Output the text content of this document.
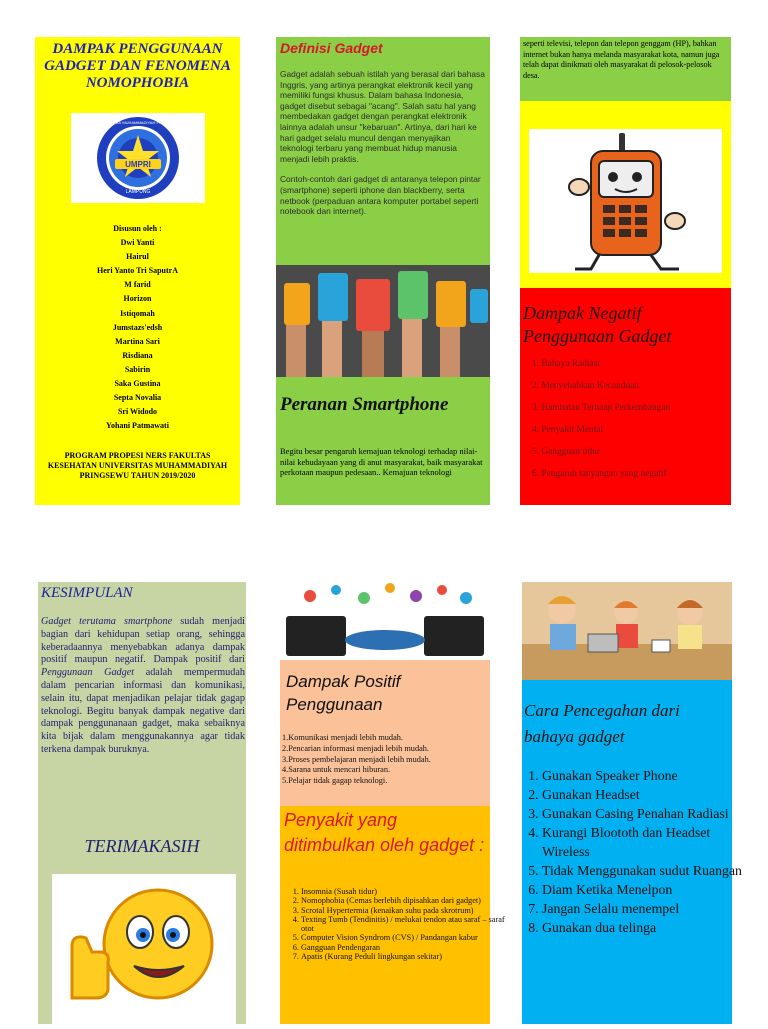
DAMPAK PENGGUNAAN GADGET DAN FENOMENA NOMOPHOBIA
UMPRI
LAMPUNG
UNIVERSITAS MUHAMMADIYAH PRINGSEWU
Disusun oleh :
Dwi Yanti
Hairul
Heri Yanto Tri SaputrA
M farid
Horizon
Istiqomah
Jumstazs'edsh
Martina Sari
Risdiana
Sabirin
Saka Gustina
Septa Novalia
Sri Widodo
Yohani Patmawati
PROGRAM PROPESI NERS FAKULTAS KESEHATAN UNIVERSITAS MUHAMMADIYAH PRINGSEWU TAHUN 2019/2020
Definisi Gadget

Gadget adalah sebuah istilah yang berasal dari bahasa Inggris, yang artinya perangkat elektronik kecil yang memiliki fungsi khusus. Dalam bahasa Indonesia, gadget disebut sebagai "acang". Salah satu hal yang membedakan gadget dengan perangkat elektronik lainnya adalah unsur "kebaruan". Artinya, dari hari ke hari gadget selalu muncul dengan menyajikan teknologi terbaru yang membuat hidup manusia menjadi lebih praktis.

Contoh-contoh dari gadget di antaranya telepon pintar (smartphone) seperti iphone dan blackberry, serta netbook (perpaduan antara komputer portabel seperti notebook dan internet).

Peranan Smartphone
Begitu besar pengaruh kemajuan teknologi terhadap nilai-nilai kebudayaan yang di anut masyarakat, baik masyarakat perkotaan maupun pedesaan.. Kemajuan teknologi
seperti televisi, telepon dan telepon genggam (HP), bahkan internet bukan hanya melanda masyarakat kota, namun juga telah dapat dinikmati oleh masyarakat di pelosok-pelosok desa.
Dampak Negatif Penggunaan Gadget
1. Bahaya Radiasi
2. Menyebabkan Kecanduan
3. Hambatan Terhaap Perkembangan
4. Penyakit Mental
5. Gangguan tidur
6. Pengaruh tanyangan yang negatif
KESIMPULAN
Gadget terutama smartphone sudah menjadi bagian dari kehidupan setiap orang, sehingga keberadaannya menyebabkan adanya dampak positif maupun negatif. Dampak positif dari Penggunaan Gadget adalah mempermudah dalam pencarian informasi dan komunikasi, selain itu, dapat menjadikan pelajar tidak gagap teknologi. Begitu banyak dampak negative dari dampak penggunanaan gadget, maka sebaiknya kita bijak dalam menggunakannya agar tidak terkena dampak buruknya.
TERIMAKASIH
Dampak Positif Penggunaan
1.Komunikasi menjadi lebih mudah.
2.Pencarian informasi menjadi lebih mudah.
3.Proses pembelajaran menjadi lebih mudah.
4.Sarana untuk mencari hiburan.
5.Pelajar tidak gagap teknologi.
Penyakit yang ditimbulkan oleh gadget :
1. Insomnia (Susah tidur)
2. Nomophobia (Cemas berlebih dipisahkan dari gadget)
3. Scrotal Hypertermia (kenaikan suhu pada skrotrum)
4. Texting Tumb (Tendinitis) / melukai tendon atau saraf – saraf otot
5. Computer Vision Syndrom (CVS) / Pandangan kabur
6. Gangguan Pendengaran
7. Apatis (Kurang Peduli lingkungan sekitar)
Cara Pencegahan dari bahaya gadget
1. Gunakan Speaker Phone
2. Gunakan Headset
3. Gunakan Casing Penahan Radiasi
4. Kurangi Bloototh dan Headset Wireless
5. Tidak Menggunakan sudut Ruangan
6. Diam Ketika Menelpon
7. Jangan Selalu menempel
8. Gunakan dua telinga
